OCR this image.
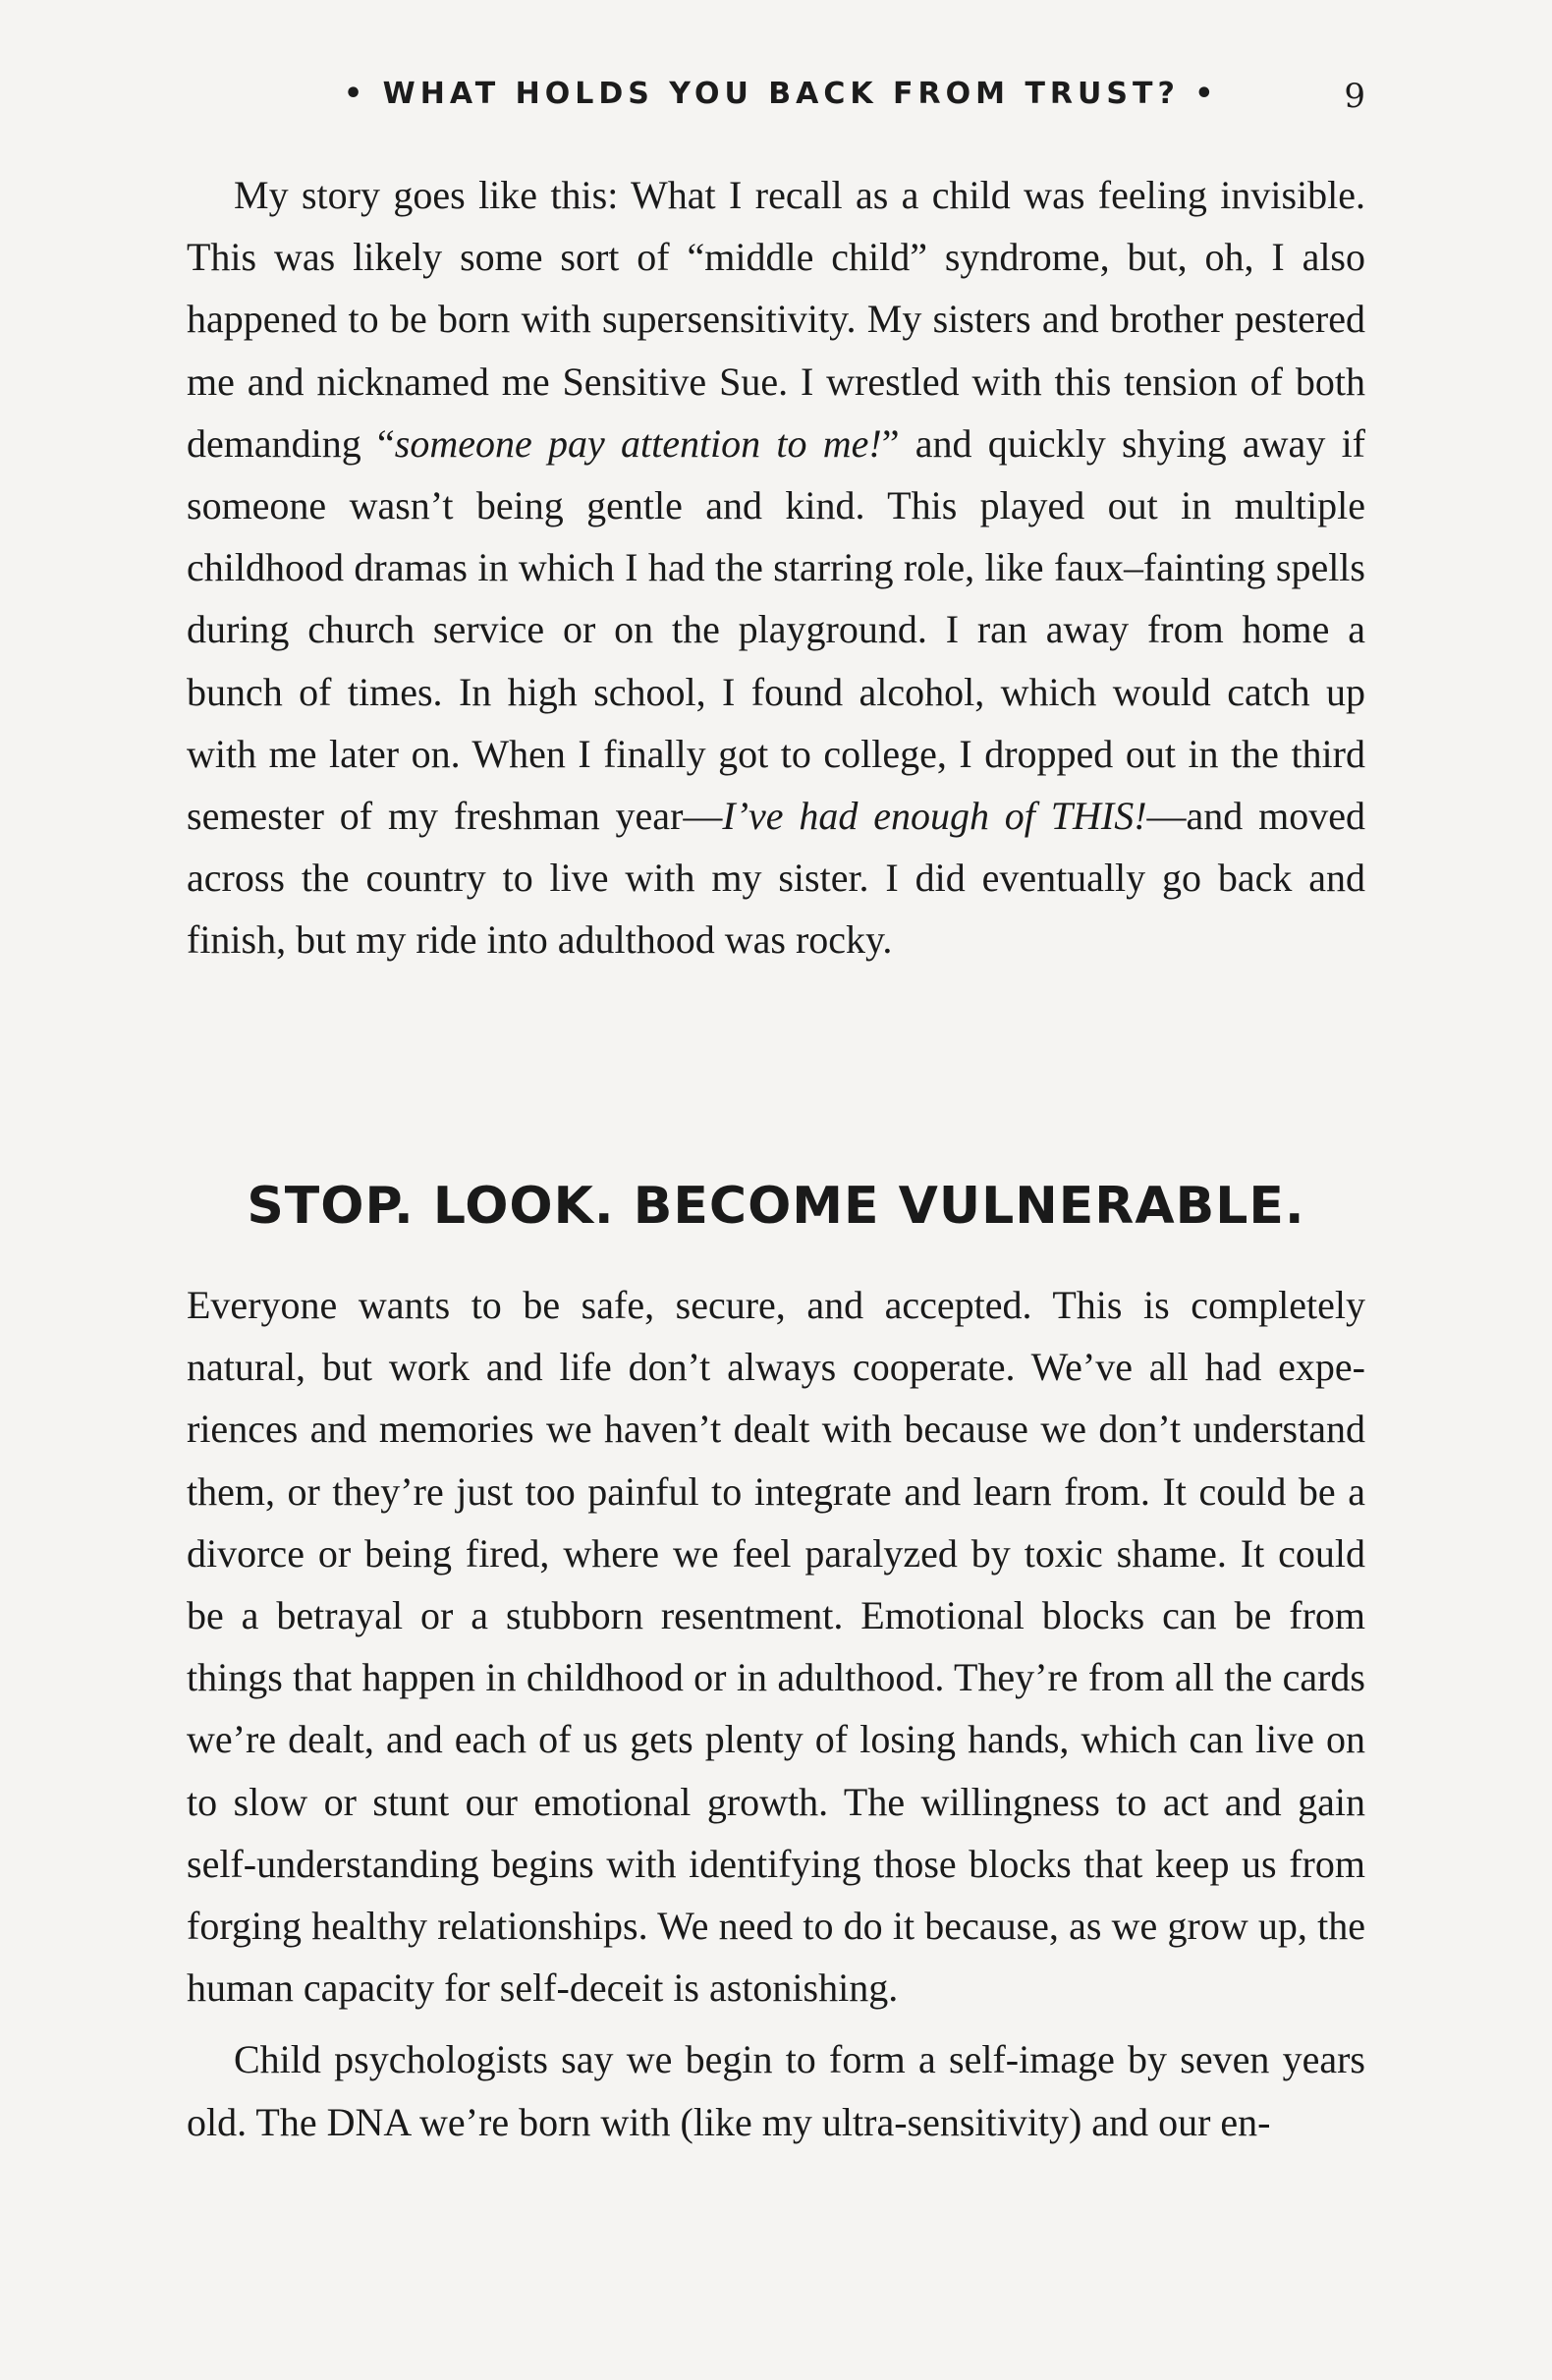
• WHAT HOLDS YOU BACK FROM TRUST? •	9

My story goes like this: What I recall as a child was feeling invisible. This was likely some sort of “middle child” syndrome, but, oh, I also happened to be born with supersensitivity. My sisters and brother pestered me and nicknamed me Sensitive Sue. I wrestled with this tension of both demanding “someone pay attention to me!” and quickly shying away if someone wasn’t being gentle and kind. This played out in multiple childhood dramas in which I had the starring role, like faux–fainting spells during church service or on the playground. I ran away from home a bunch of times. In high school, I found alcohol, which would catch up with me later on. When I finally got to college, I dropped out in the third semester of my freshman year—I’ve had enough of THIS!—and moved across the country to live with my sister. I did eventually go back and finish, but my ride into adulthood was rocky.

STOP. LOOK. BECOME VULNERABLE.

Everyone wants to be safe, secure, and accepted. This is completely natural, but work and life don’t always cooperate. We’ve all had experiences and memories we haven’t dealt with because we don’t understand them, or they’re just too painful to integrate and learn from. It could be a divorce or being fired, where we feel paralyzed by toxic shame. It could be a betrayal or a stubborn resentment. Emotional blocks can be from things that happen in childhood or in adulthood. They’re from all the cards we’re dealt, and each of us gets plenty of losing hands, which can live on to slow or stunt our emotional growth. The willingness to act and gain self-understanding begins with identifying those blocks that keep us from forging healthy relationships. We need to do it because, as we grow up, the human capacity for self-deceit is astonishing.

Child psychologists say we begin to form a self-image by seven years old. The DNA we’re born with (like my ultra-sensitivity) and our en-
